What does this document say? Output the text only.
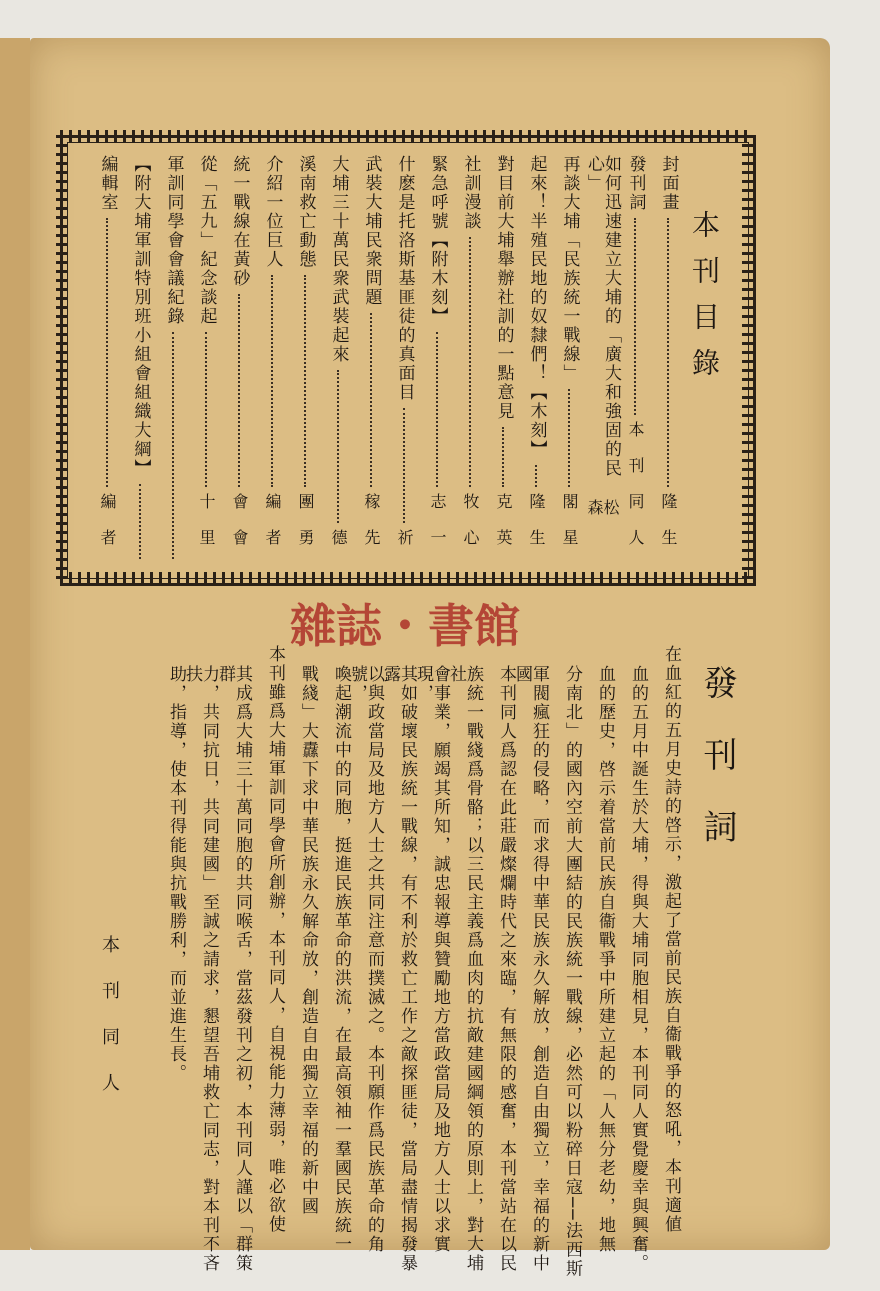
本刊目錄
封面畫
隆生
發刊詞
本刊同人
如何迅速建立大埔的「廣大和強固的民心」
松森
再談大埔「民族統一戰線」
閣星
起來！半殖民地的奴隸們！【木刻】
隆生
對目前大埔舉辦社訓的一點意見
克英
社訓漫談
牧心
緊急呼號【附木刻】
志一
什麽是托洛斯基匪徒的真面目
祈
武裝大埔民衆問題
稼先
大埔三十萬民衆武裝起來
德
溪南救亡動態
團勇
介紹一位巨人
編者
統一戰線在黃砂
會會
從「五九」紀念談起
十里
軍訓同學會會議紀錄
【附大埔軍訓特別班小組會組織大綱】
編輯室
編者
雜誌・書館
發刊詞
在血紅的五月史詩的啓示，激起了當前民族自衞戰爭的怒吼，本刊適値
血的五月中誕生於大埔，得與大埔同胞相見，本刊同人實覺慶幸與興奮。
血的歷史，啓示着當前民族自衞戰爭中所建立起的「人無分老幼，地無
分南北」的國內空前大團結的民族統一戰線，必然可以粉碎日寇──法西斯
軍閥瘋狂的侵略，而求得中華民族永久解放，創造自由獨立，幸福的新中國
本刊同人爲認在此莊嚴燦爛時代之來臨，有無限的感奮，本刊當站在以民
族統一戰綫爲骨骼；以三民主義爲血肉的抗敵建國綱領的原則上，對大埔社
會事業，願竭其所知，誠忠報導與贊勵地方當政當局及地方人士以求實現，
其如破壞民族統一戰線，有不利於救亡工作之敵探匪徒，當局盡情揭發暴露
以與政當局及地方人士之共同注意而撲滅之。本刊願作爲民族革命的角號，
喚起潮流中的同胞，挺進民族革命的洪流，在最高領袖一羣國民族統一
戰綫」大纛下求中華民族永久解命放，創造自由獨立幸福的新中國
本刊雖爲大埔軍訓同學會所創辦，本刊同人，自視能力薄弱，唯必欲使
其成爲大埔三十萬同胞的共同喉舌，當茲發刊之初，本刊同人謹以「群策群
力，共同抗日，共同建國」至誠之請求，懇望吾埔救亡同志，對本刊不吝扶
助，指導，使本刊得能與抗戰勝利，而並進生長。
本刊同人
